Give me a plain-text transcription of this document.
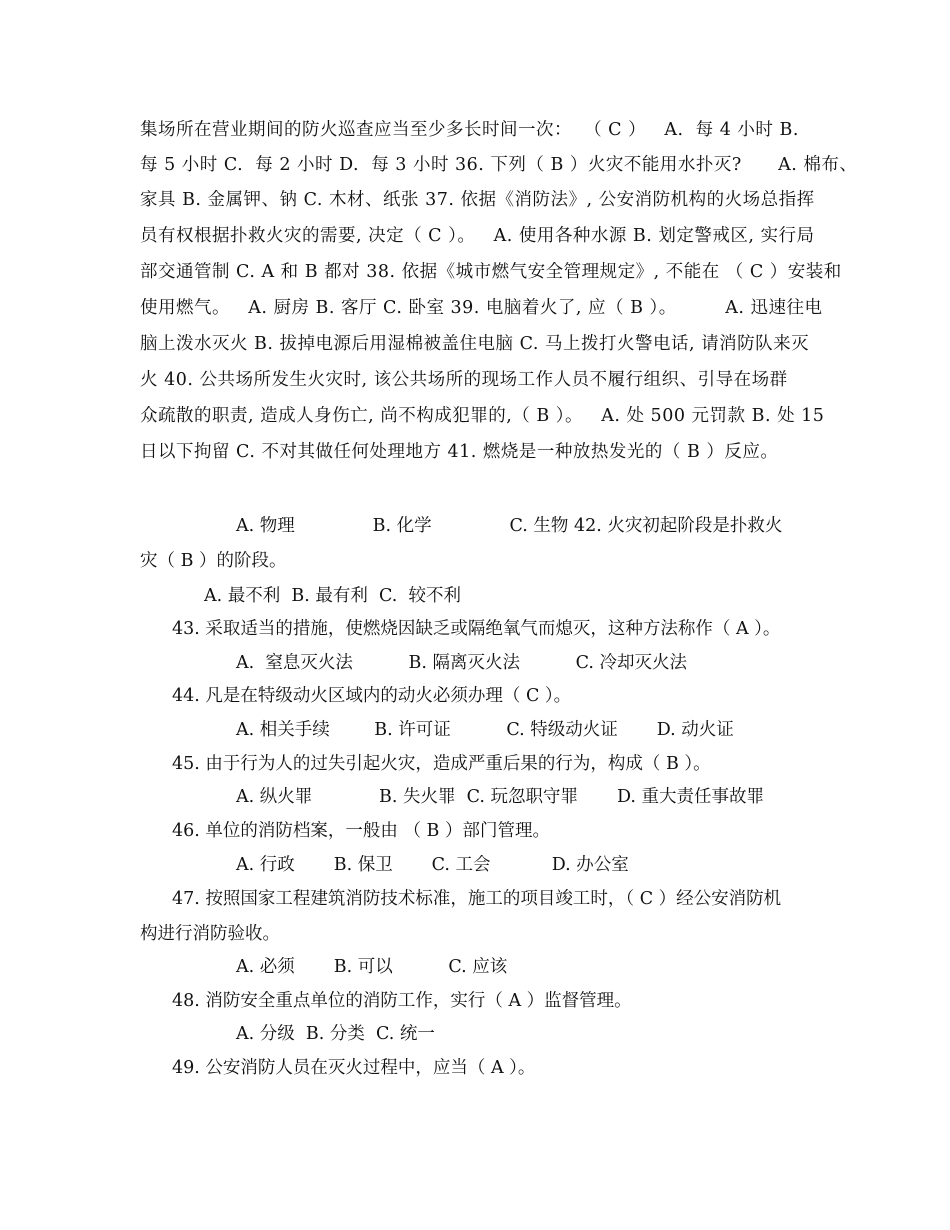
集场所在营业期间的防火巡查应当至少多长时间一次：  （ C ）   A.  每 4 小时 B.
每 5 小时 C.  每 2 小时 D.  每 3 小时 36. 下列（ B ）火灾不能用水扑灭?      A. 棉布、
家具 B. 金属钾、钠 C. 木材、纸张 37. 依据《消防法》, 公安消防机构的火场总指挥
员有权根据扑救火灾的需要, 决定（ C ）。   A. 使用各种水源 B. 划定警戒区, 实行局
部交通管制 C. A 和 B 都对 38. 依据《城市燃气安全管理规定》, 不能在 （ C ）安装和
使用燃气。   A. 厨房 B. 客厅 C. 卧室 39. 电脑着火了, 应（ B ）。        A. 迅速往电
脑上泼水灭火 B. 拔掉电源后用湿棉被盖住电脑 C. 马上拨打火警电话, 请消防队来灭
火 40. 公共场所发生火灾时, 该公共场所的现场工作人员不履行组织、引导在场群
众疏散的职责, 造成人身伤亡, 尚不构成犯罪的,（ B ）。   A. 处 500 元罚款 B. 处 15
日以下拘留 C. 不对其做任何处理地方 41. 燃烧是一种放热发光的（ B ）反应。
A. 物理              B. 化学              C. 生物 42. 火灾初起阶段是扑救火
灾（ B ）的阶段。
A. 最不利  B. 最有利  C.  较不利
43. 采取适当的措施，使燃烧因缺乏或隔绝氧气而熄灭，这种方法称作（ A ）。
A.  窒息灭火法          B. 隔离灭火法          C. 冷却灭火法
44. 凡是在特级动火区域内的动火必须办理（ C ）。
A. 相关手续        B. 许可证          C. 特级动火证       D. 动火证
45. 由于行为人的过失引起火灾，造成严重后果的行为，构成（ B ）。
A. 纵火罪            B. 失火罪  C. 玩忽职守罪       D. 重大责任事故罪
46. 单位的消防档案，一般由 （ B ）部门管理。
A. 行政       B. 保卫       C. 工会           D. 办公室
47. 按照国家工程建筑消防技术标准，施工的项目竣工时，（ C ）经公安消防机
构进行消防验收。
A. 必须       B. 可以          C. 应该
48. 消防安全重点单位的消防工作，实行（ A ）监督管理。
A. 分级  B. 分类  C. 统一
49. 公安消防人员在灭火过程中，应当（ A ）。
